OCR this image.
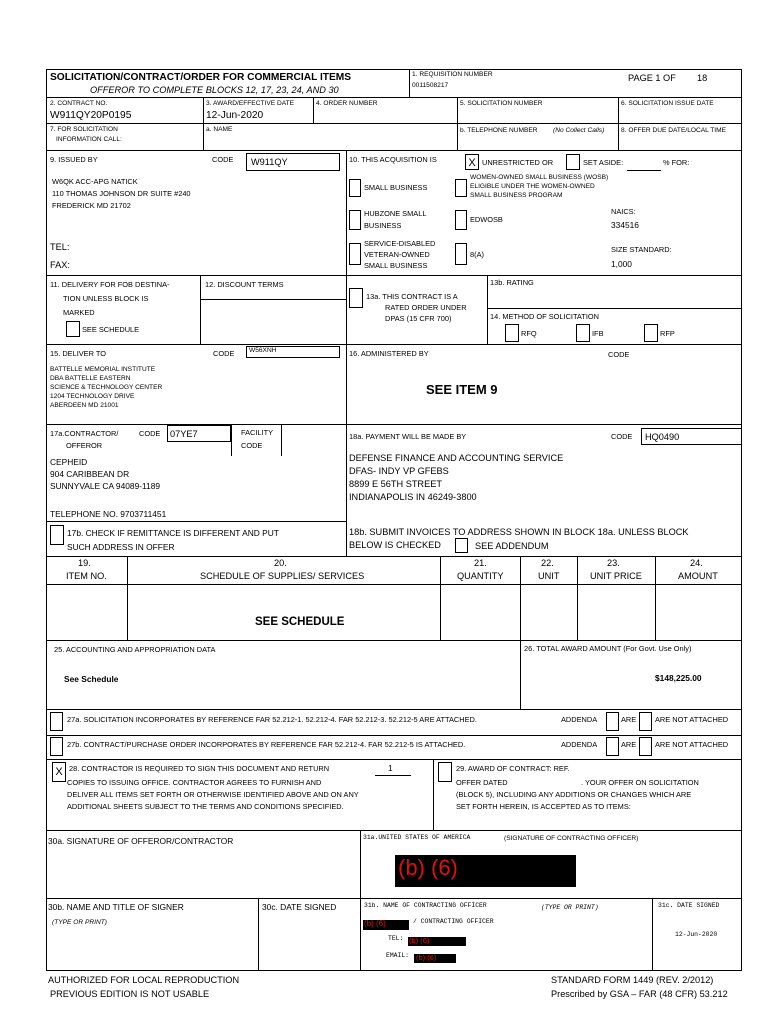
SOLICITATION/CONTRACT/ORDER FOR COMMERCIAL ITEMS
OFFEROR TO COMPLETE BLOCKS 12, 17, 23, 24, AND 30
1. REQUISITION NUMBER
0011508217
PAGE 1 OF 18
2. CONTRACT NO.
W911QY20P0195
3. AWARD/EFFECTIVE DATE
12-Jun-2020
4. ORDER NUMBER	5. SOLICITATION NUMBER	6. SOLICITATION ISSUE DATE
7. FOR SOLICITATION
INFORMATION CALL:
a. NAME	b. TELEPHONE NUMBER (No Collect Calls)	8. OFFER DUE DATE/LOCAL TIME
9. ISSUED BY	CODE W911QY
W6QK ACC-APG NATICK
110 THOMAS JOHNSON DR SUITE #240
FREDERICK MD 21702
TEL:
FAX:
10. THIS ACQUISITION IS	X UNRESTRICTED OR	SET ASIDE:	% FOR:
SMALL BUSINESS
WOMEN-OWNED SMALL BUSINESS (WOSB)
ELIGIBLE UNDER THE WOMEN-OWNED
SMALL BUSINESS PROGRAM
HUBZONE SMALL
BUSINESS
EDWOSB
NAICS:
334516
SERVICE-DISABLED
VETERAN-OWNED
SMALL BUSINESS
8(A)
SIZE STANDARD:
1,000
11. DELIVERY FOR FOB DESTINA-
TION UNLESS BLOCK IS
MARKED
SEE SCHEDULE
12. DISCOUNT TERMS
13a. THIS CONTRACT IS A
RATED ORDER UNDER
DPAS (15 CFR 700)
13b. RATING
14. METHOD OF SOLICITATION
RFQ	IFB	RFP
15. DELIVER TO	CODE W56XNH
BATTELLE MEMORIAL INSTITUTE
DBA BATTELLE EASTERN
SCIENCE & TECHNOLOGY CENTER
1204 TECHNOLOGY DRIVE
ABERDEEN MD 21001
16. ADMINISTERED BY	CODE
SEE ITEM 9
17a.CONTRACTOR/
OFFEROR
CODE 07YE7	FACILITY
CODE
CEPHEID
904 CARIBBEAN DR
SUNNYVALE CA 94089-1189
TELEPHONE NO. 9703711451
17b. CHECK IF REMITTANCE IS DIFFERENT AND PUT
SUCH ADDRESS IN OFFER
18a. PAYMENT WILL BE MADE BY	CODE HQ0490
DEFENSE FINANCE AND ACCOUNTING SERVICE
DFAS- INDY VP GFEBS
8899 E 56TH STREET
INDIANAPOLIS IN 46249-3800
18b. SUBMIT INVOICES TO ADDRESS SHOWN IN BLOCK 18a. UNLESS BLOCK
BELOW IS CHECKED	SEE ADDENDUM
19.
ITEM NO.
20.
SCHEDULE OF SUPPLIES/ SERVICES
21.
QUANTITY
22.
UNIT
23.
UNIT PRICE
24.
AMOUNT
SEE SCHEDULE
25. ACCOUNTING AND APPROPRIATION DATA
See Schedule
26. TOTAL AWARD AMOUNT (For Govt. Use Only)
$148,225.00
27a. SOLICITATION INCORPORATES BY REFERENCE FAR 52.212-1. 52.212-4. FAR 52.212-3. 52.212-5 ARE ATTACHED.	ADDENDA	ARE	ARE NOT ATTACHED
27b. CONTRACT/PURCHASE ORDER INCORPORATES BY REFERENCE FAR 52.212-4. FAR 52.212-5 IS ATTACHED.	ADDENDA	ARE	ARE NOT ATTACHED
X 28. CONTRACTOR IS REQUIRED TO SIGN THIS DOCUMENT AND RETURN	1
COPIES TO ISSUING OFFICE. CONTRACTOR AGREES TO FURNISH AND
DELIVER ALL ITEMS SET FORTH OR OTHERWISE IDENTIFIED ABOVE AND ON ANY
ADDITIONAL SHEETS SUBJECT TO THE TERMS AND CONDITIONS SPECIFIED.
29. AWARD OF CONTRACT: REF.
OFFER DATED	. YOUR OFFER ON SOLICITATION
(BLOCK 5), INCLUDING ANY ADDITIONS OR CHANGES WHICH ARE
SET FORTH HEREIN, IS ACCEPTED AS TO ITEMS:
30a. SIGNATURE OF OFFEROR/CONTRACTOR	31a.UNITED STATES OF AMERICA	(SIGNATURE OF CONTRACTING OFFICER)
(b) (6)
30b. NAME AND TITLE OF SIGNER
(TYPE OR PRINT)
30c. DATE SIGNED	31b. NAME OF CONTRACTING OFFICER	(TYPE OR PRINT)	31c. DATE SIGNED
(b) (6)	/ CONTRACTING OFFICER
TEL: (b) (6)
EMAIL: (b) (6)
12-Jun-2020
AUTHORIZED FOR LOCAL REPRODUCTION
PREVIOUS EDITION IS NOT USABLE
STANDARD FORM 1449 (REV. 2/2012)
Prescribed by GSA – FAR (48 CFR) 53.212
